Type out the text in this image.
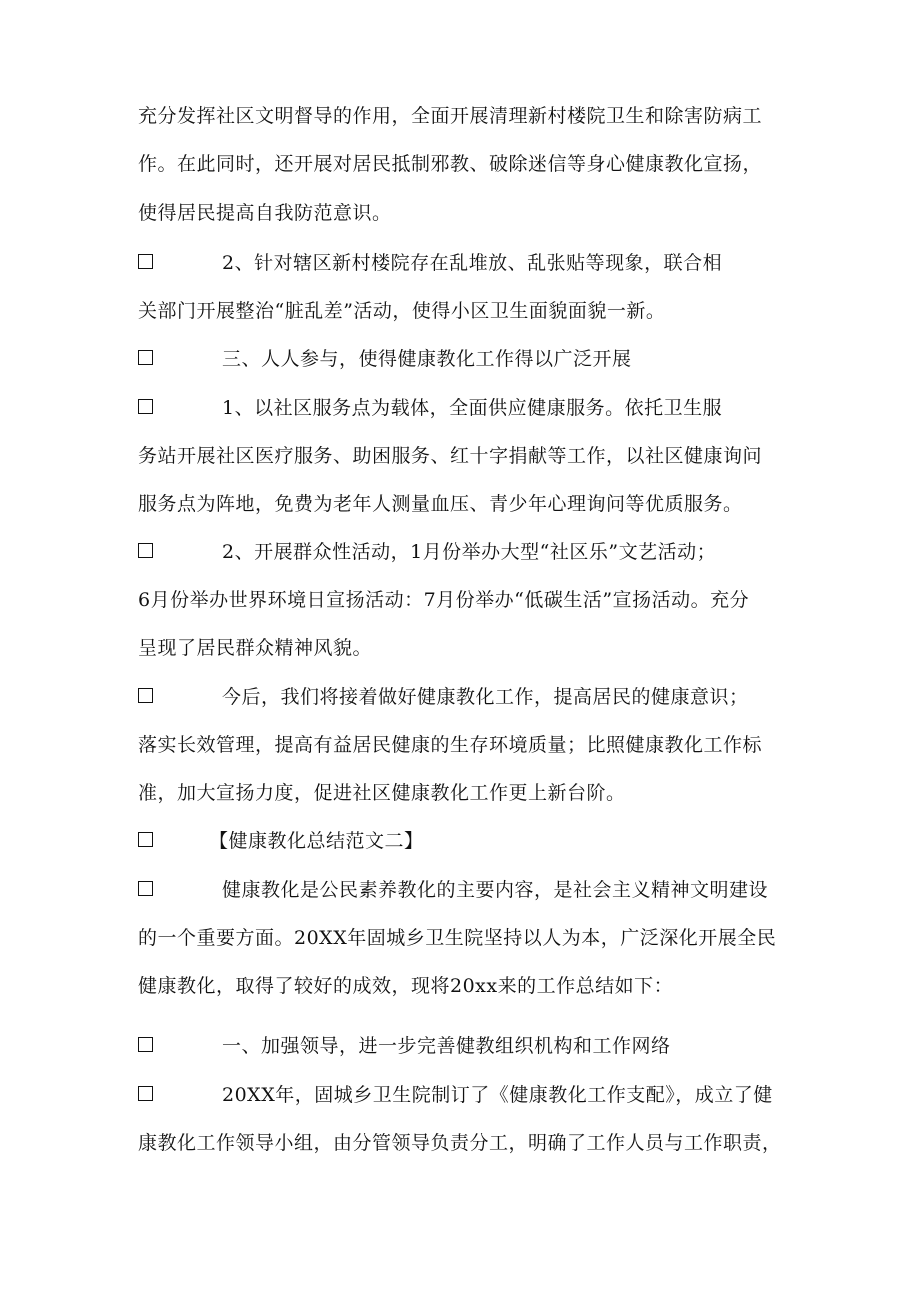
充分发挥社区文明督导的作用，全面开展清理新村楼院卫生和除害防病工
作。在此同时，还开展对居民抵制邪教、破除迷信等身心健康教化宣扬，
使得居民提高自我防范意识。
2、针对辖区新村楼院存在乱堆放、乱张贴等现象，联合相
关部门开展整治“脏乱差”活动，使得小区卫生面貌面貌一新。
三、人人参与，使得健康教化工作得以广泛开展
1、以社区服务点为载体，全面供应健康服务。依托卫生服
务站开展社区医疗服务、助困服务、红十字捐献等工作，以社区健康询问
服务点为阵地，免费为老年人测量血压、青少年心理询问等优质服务。
2、开展群众性活动，1月份举办大型“社区乐”文艺活动；
6月份举办世界环境日宣扬活动：7月份举办“低碳生活”宣扬活动。充分
呈现了居民群众精神风貌。
今后，我们将接着做好健康教化工作，提高居民的健康意识；
落实长效管理，提高有益居民健康的生存环境质量；比照健康教化工作标
准，加大宣扬力度，促进社区健康教化工作更上新台阶。
【健康教化总结范文二】
健康教化是公民素养教化的主要内容，是社会主义精神文明建设
的一个重要方面。20XX年固城乡卫生院坚持以人为本，广泛深化开展全民
健康教化，取得了较好的成效，现将20xx来的工作总结如下：
一、加强领导，进一步完善健教组织机构和工作网络
20XX年，固城乡卫生院制订了《健康教化工作支配》，成立了健
康教化工作领导小组，由分管领导负责分工，明确了工作人员与工作职责，
